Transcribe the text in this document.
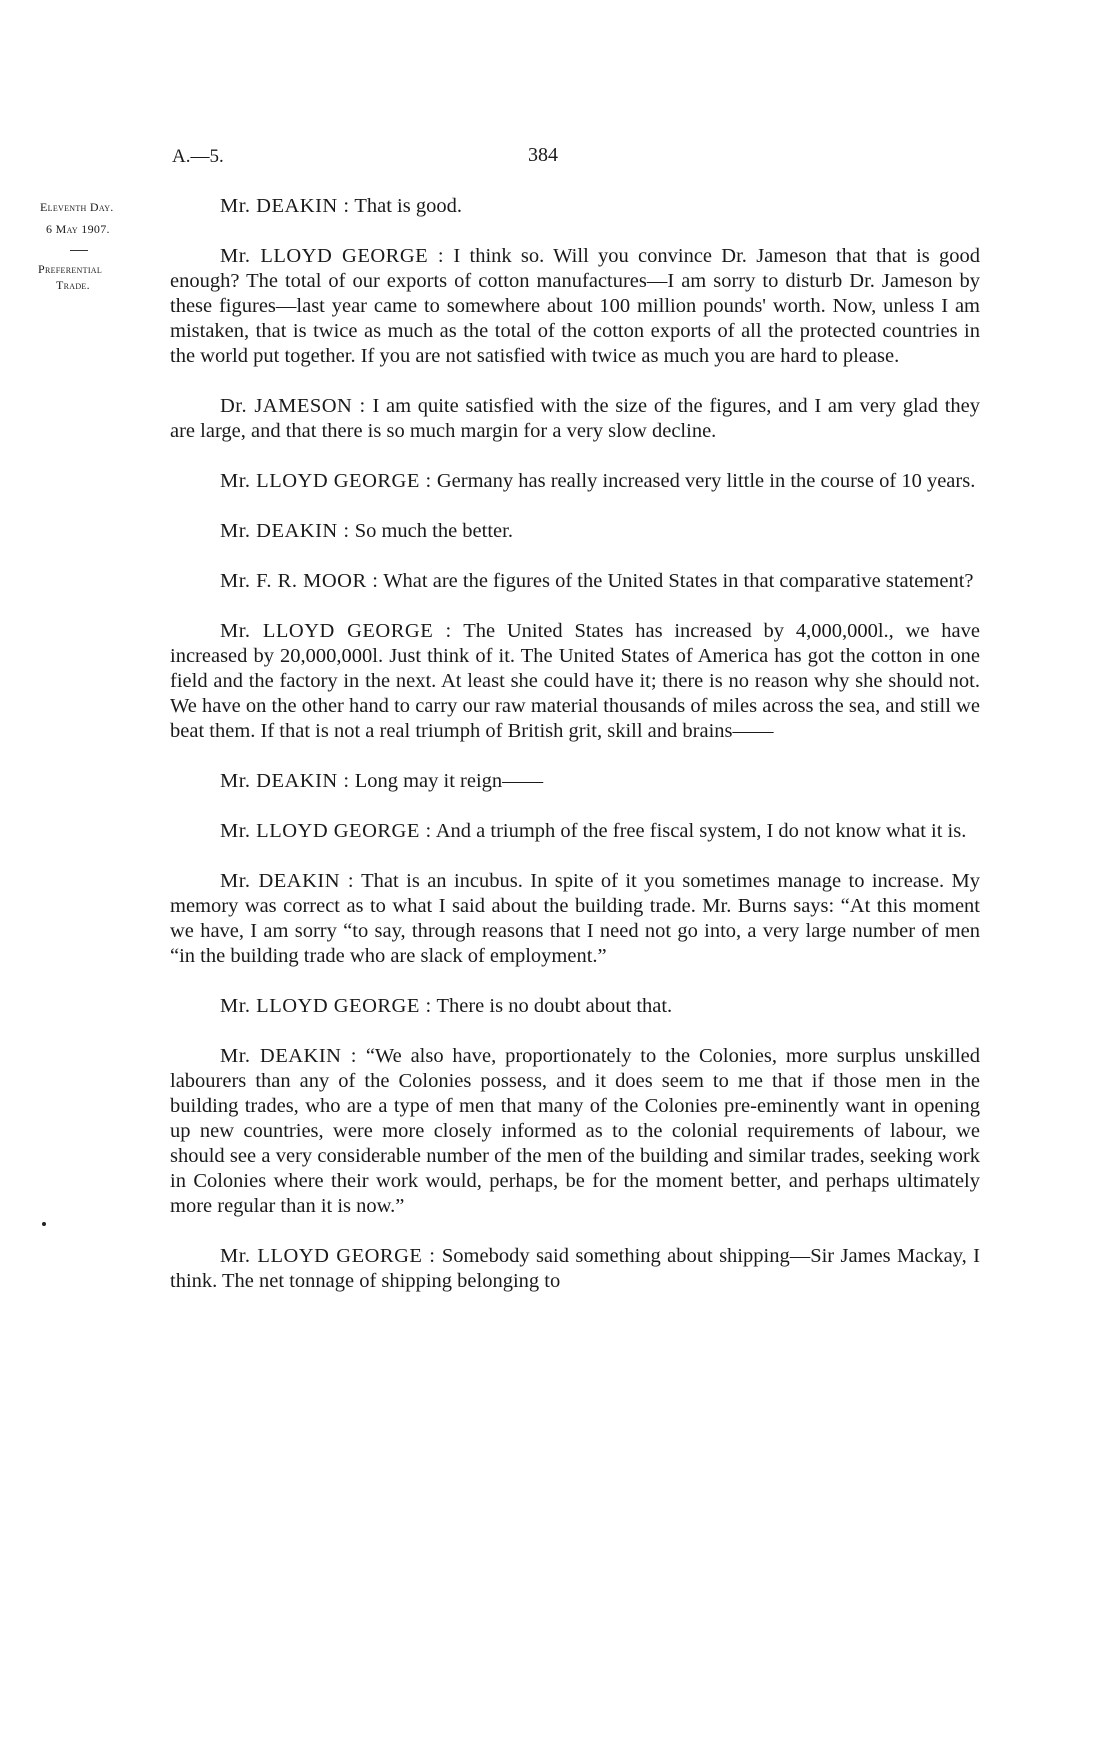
A.—5.	384
Eleventh Day.
6 May 1907.
Preferential
Trade.

Mr. DEAKIN : That is good.

Mr. LLOYD GEORGE : I think so. Will you convince Dr. Jameson that that is good enough? The total of our exports of cotton manufactures—I am sorry to disturb Dr. Jameson by these figures—last year came to somewhere about 100 million pounds' worth. Now, unless I am mistaken, that is twice as much as the total of the cotton exports of all the protected countries in the world put together. If you are not satisfied with twice as much you are hard to please.

Dr. JAMESON : I am quite satisfied with the size of the figures, and I am very glad they are large, and that there is so much margin for a very slow decline.

Mr. LLOYD GEORGE : Germany has really increased very little in the course of 10 years.

Mr. DEAKIN : So much the better.

Mr. F. R. MOOR : What are the figures of the United States in that comparative statement?

Mr. LLOYD GEORGE : The United States has increased by 4,000,000l., we have increased by 20,000,000l. Just think of it. The United States of America has got the cotton in one field and the factory in the next. At least she could have it; there is no reason why she should not. We have on the other hand to carry our raw material thousands of miles across the sea, and still we beat them. If that is not a real triumph of British grit, skill and brains——

Mr. DEAKIN : Long may it reign——

Mr. LLOYD GEORGE : And a triumph of the free fiscal system, I do not know what it is.

Mr. DEAKIN : That is an incubus. In spite of it you sometimes manage to increase. My memory was correct as to what I said about the building trade. Mr. Burns says: “At this moment we have, I am sorry “to say, through reasons that I need not go into, a very large number of men “in the building trade who are slack of employment.”

Mr. LLOYD GEORGE : There is no doubt about that.

Mr. DEAKIN : “We also have, proportionately to the Colonies, more surplus unskilled labourers than any of the Colonies possess, and it does seem to me that if those men in the building trades, who are a type of men that many of the Colonies pre-eminently want in opening up new countries, were more closely informed as to the colonial requirements of labour, we should see a very considerable number of the men of the building and similar trades, seeking work in Colonies where their work would, perhaps, be for the moment better, and perhaps ultimately more regular than it is now.”

Mr. LLOYD GEORGE : Somebody said something about shipping—Sir James Mackay, I think. The net tonnage of shipping belonging to
